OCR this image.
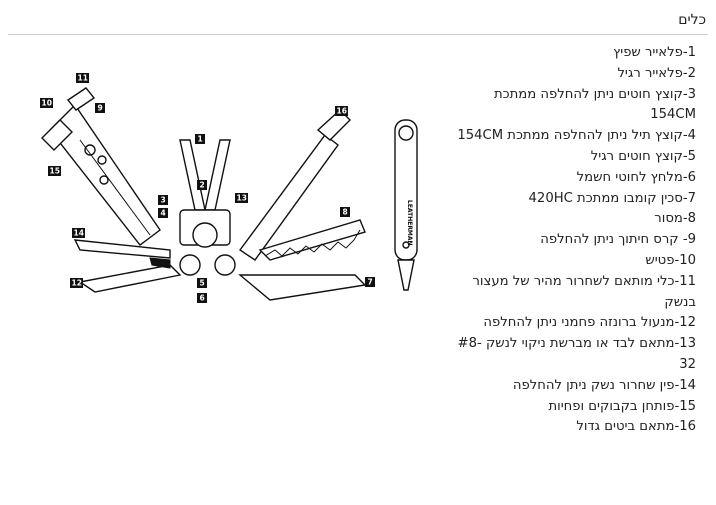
כלים
LEATHERMAN
1
2
3
4
5
6
7
8
9
10
11
12
13
14
15
16
1-פלאייר שפיץ
2-פלאייר רגיל
3-קוצץ חוטים ניתן להחלפה ממתכת 154CM
4-קוצץ תיל ניתן להחלפה ממתכת 154CM
5-קוצץ חוטים רגיל
6-מלחץ לחוטי חשמל
7-סכין קומבו ממתכת 420HC
8-מסור
9- קרס חיתוך ניתן להחלפה
10-פטיש
11-כלי מותאם לשחרור מהיר של מעצור בנשק
12-מנעול ברונזה פחמני ניתן להחלפה
13-מתאם לבד או מברשת ניקוי לנשק #8-32
14-פין שחרור נשק ניתן להחלפה
15-פותחן בקבוקים ופחיות
16-מתאם ביטים גדול
